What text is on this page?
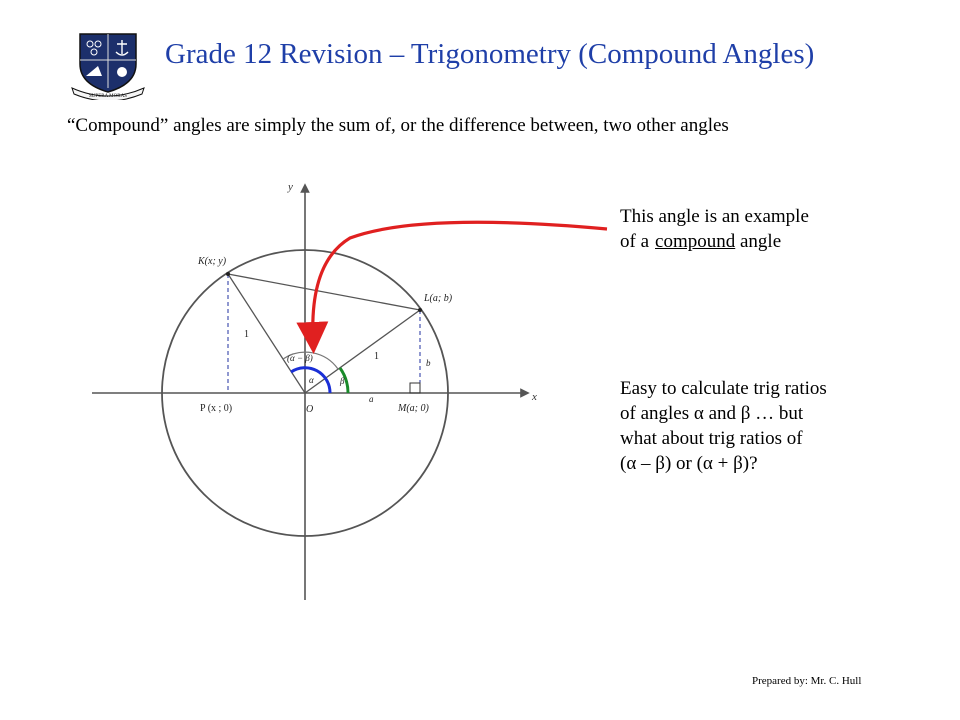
SUPERA MORAS
Grade 12 Revision – Trigonometry (Compound Angles)
“Compound” angles are simply the sum of, or the difference between, two other angles
x
y
K(x; y)
L(a; b)
M(a; 0)
O
P (x ; 0)
1
1
a
b
(α − β)
α	β
This angle is an example
of a compound angle
Easy to calculate trig ratios
of angles α and β … but
what about trig ratios of
(α – β) or (α + β)?
Prepared by: Mr. C. Hull
